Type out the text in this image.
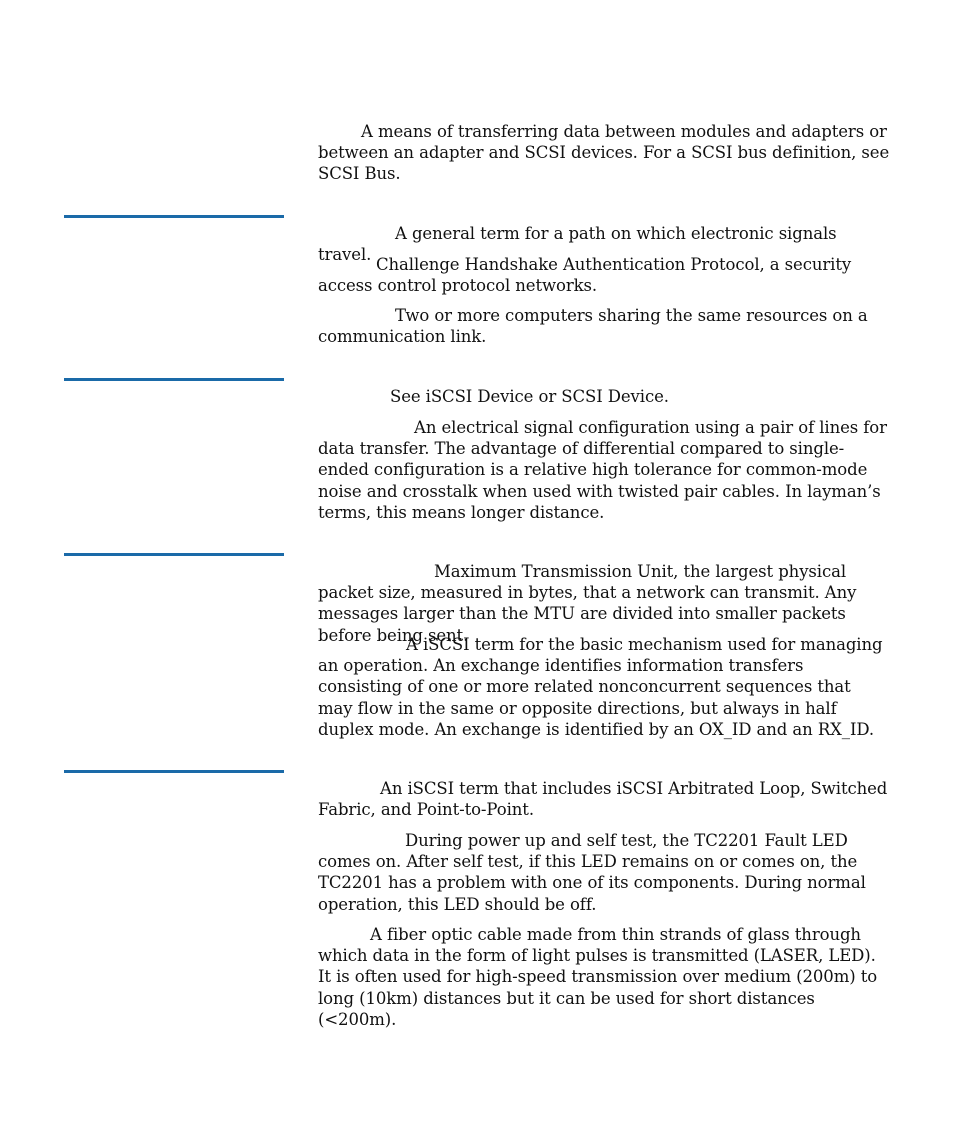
A means of transferring data between modules and adapters or between an adapter and SCSI devices. For a SCSI bus definition, see SCSI Bus.

A general term for a path on which electronic signals travel.

Challenge Handshake Authentication Protocol, a security access control protocol networks.

Two or more computers sharing the same resources on a communication link.

See iSCSI Device or SCSI Device.

An electrical signal configuration using a pair of lines for data transfer. The advantage of differential compared to single-ended configuration is a relative high tolerance for common-mode noise and crosstalk when used with twisted pair cables. In layman’s terms, this means longer distance.

Maximum Transmission Unit, the largest physical packet size, measured in bytes, that a network can transmit. Any messages larger than the MTU are divided into smaller packets before being sent.

A iSCSI term for the basic mechanism used for managing an operation. An exchange identifies information transfers consisting of one or more related nonconcurrent sequences that may flow in the same or opposite directions, but always in half duplex mode. An exchange is identified by an OX_ID and an RX_ID.

An iSCSI term that includes iSCSI Arbitrated Loop, Switched Fabric, and Point-to-Point.

During power up and self test, the TC2201 Fault LED comes on. After self test, if this LED remains on or comes on, the TC2201 has a problem with one of its components. During normal operation, this LED should be off.

A fiber optic cable made from thin strands of glass through which data in the form of light pulses is transmitted (LASER, LED). It is often used for high-speed transmission over medium (200m) to long (10km) distances but it can be used for short distances (<200m).
